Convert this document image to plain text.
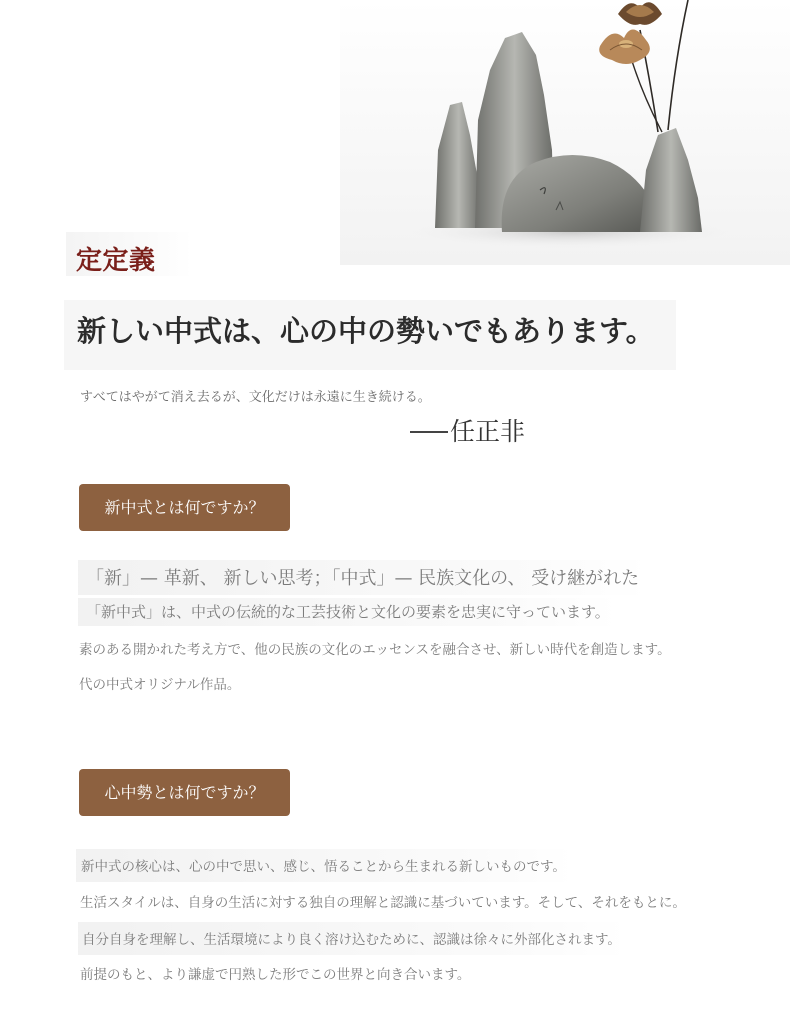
定定義
新しい中式は、心の中の勢いでもあります。
すべてはやがて消え去るが、文化だけは永遠に生き続ける。
任正非
新中式とは何ですか？
「新」— 革新、 新しい思考；「中式」— 民族文化の、 受け継がれた
「新中式」は、中式の伝統的な工芸技術と文化の要素を忠実に守っています。
素のある開かれた考え方で、他の民族の文化のエッセンスを融合させ、新しい時代を創造します。
代の中式オリジナル作品。
心中勢とは何ですか？
新中式の核心は、心の中で思い、感じ、悟ることから生まれる新しいものです。
生活スタイルは、自身の生活に対する独自の理解と認識に基づいています。そして、それをもとに。
自分自身を理解し、生活環境により良く溶け込むために、認識は徐々に外部化されます。
前提のもと、より謙虚で円熟した形でこの世界と向き合います。
